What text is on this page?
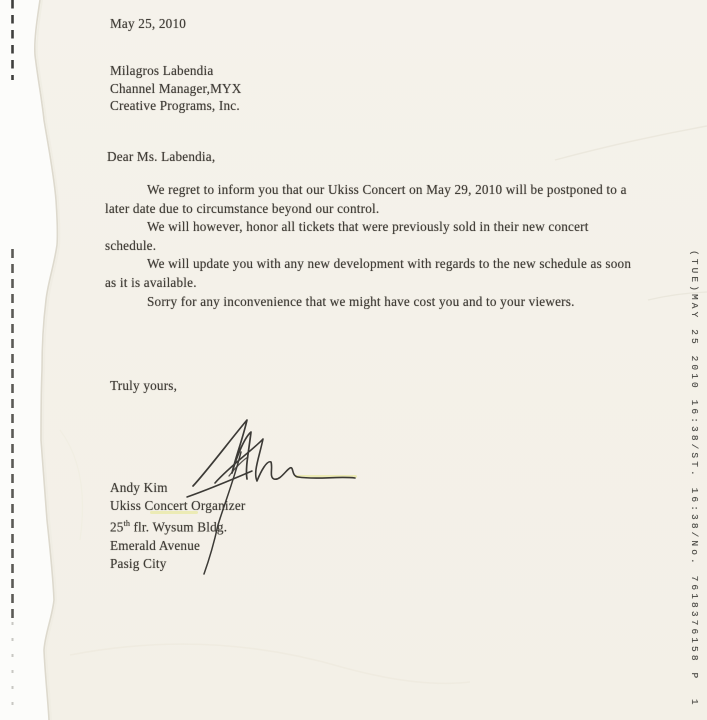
(TUE)MAY 25 2010 16:38/ST. 16:38/No. 7618376158 P  1
May 25, 2010
Milagros Labendia
Channel Manager,MYX
Creative Programs, Inc.
Dear Ms. Labendia,
We regret to inform you that our Ukiss Concert on May 29, 2010 will be postponed to a
later date due to circumstance beyond our control.
We will however, honor all tickets that were previously sold in their new concert
schedule.
We will update you with any new development with regards to the new schedule as soon
as it is available.
Sorry for any inconvenience that we might have cost you and to your viewers.
Truly yours,
Andy Kim
Ukiss Concert Organizer
25th flr. Wysum Bldg.
Emerald Avenue
Pasig City
